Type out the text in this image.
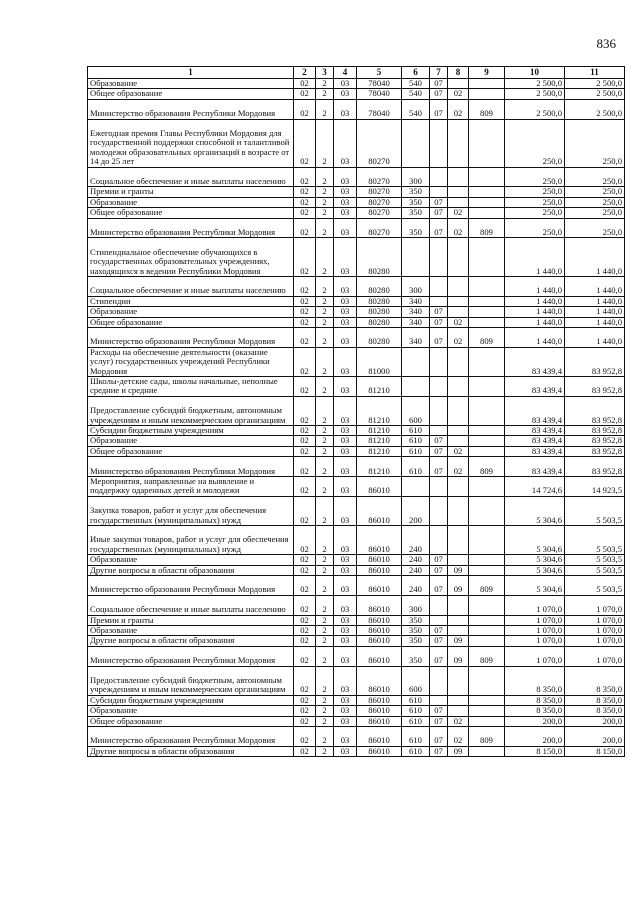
836
1	2	3	4	5	6	7	8	9	10	11
Образование	02	2	03	78040	540	07			2 500,0	2 500,0
Общее образование	02	2	03	78040	540	07	02		2 500,0	2 500,0
Министерство образования Республики Мордовия	02	2	03	78040	540	07	02	809	2 500,0	2 500,0
Ежегодная премия Главы Республики Мордовия для государственной поддержки способной и талантливой молодежи образовательных организаций в возрасте от 14 до 25 лет	02	2	03	80270					250,0	250,0
Социальное обеспечение и иные выплаты населению	02	2	03	80270	300				250,0	250,0
Премии и гранты	02	2	03	80270	350				250,0	250,0
Образование	02	2	03	80270	350	07			250,0	250,0
Общее образование	02	2	03	80270	350	07	02		250,0	250,0
Министерство образования Республики Мордовия	02	2	03	80270	350	07	02	809	250,0	250,0
Стипендиальное обеспечение обучающихся в государственных образовательных учреждениях, находящихся в ведении Республики Мордовия	02	2	03	80280					1 440,0	1 440,0
Социальное обеспечение и иные выплаты населению	02	2	03	80280	300				1 440,0	1 440,0
Стипендии	02	2	03	80280	340				1 440,0	1 440,0
Образование	02	2	03	80280	340	07			1 440,0	1 440,0
Общее образование	02	2	03	80280	340	07	02		1 440,0	1 440,0
Министерство образования Республики Мордовия	02	2	03	80280	340	07	02	809	1 440,0	1 440,0
Расходы на обеспечение деятельности (оказание услуг) государственных учреждений Республики Мордовия	02	2	03	81000					83 439,4	83 952,8
Школы-детские сады, школы начальные, неполные средние и средние	02	2	03	81210					83 439,4	83 952,8
Предоставление субсидий бюджетным, автономным учреждениям и иным некоммерческим организациям	02	2	03	81210	600				83 439,4	83 952,8
Субсидии бюджетным учреждениям	02	2	03	81210	610				83 439,4	83 952,8
Образование	02	2	03	81210	610	07			83 439,4	83 952,8
Общее образование	02	2	03	81210	610	07	02		83 439,4	83 952,8
Министерство образования Республики Мордовия	02	2	03	81210	610	07	02	809	83 439,4	83 952,8
Мероприятия, направленные на выявление и поддержку одаренных детей и молодежи	02	2	03	86010					14 724,6	14 923,5
Закупка товаров, работ и услуг для обеспечения государственных (муниципальных) нужд	02	2	03	86010	200				5 304,6	5 503,5
Иные закупки товаров, работ и услуг для обеспечения государственных (муниципальных) нужд	02	2	03	86010	240				5 304,6	5 503,5
Образование	02	2	03	86010	240	07			5 304,6	5 503,5
Другие вопросы в области образования	02	2	03	86010	240	07	09		5 304,6	5 503,5
Министерство образования Республики Мордовия	02	2	03	86010	240	07	09	809	5 304,6	5 503,5
Социальное обеспечение и иные выплаты населению	02	2	03	86010	300				1 070,0	1 070,0
Премии и гранты	02	2	03	86010	350				1 070,0	1 070,0
Образование	02	2	03	86010	350	07			1 070,0	1 070,0
Другие вопросы в области образования	02	2	03	86010	350	07	09		1 070,0	1 070,0
Министерство образования Республики Мордовия	02	2	03	86010	350	07	09	809	1 070,0	1 070,0
Предоставление субсидий бюджетным, автономным учреждениям и иным некоммерческим организациям	02	2	03	86010	600				8 350,0	8 350,0
Субсидии бюджетным учреждениям	02	2	03	86010	610				8 350,0	8 350,0
Образование	02	2	03	86010	610	07			8 350,0	8 350,0
Общее образование	02	2	03	86010	610	07	02		200,0	200,0
Министерство образования Республики Мордовия	02	2	03	86010	610	07	02	809	200,0	200,0
Другие вопросы в области образования	02	2	03	86010	610	07	09		8 150,0	8 150,0
